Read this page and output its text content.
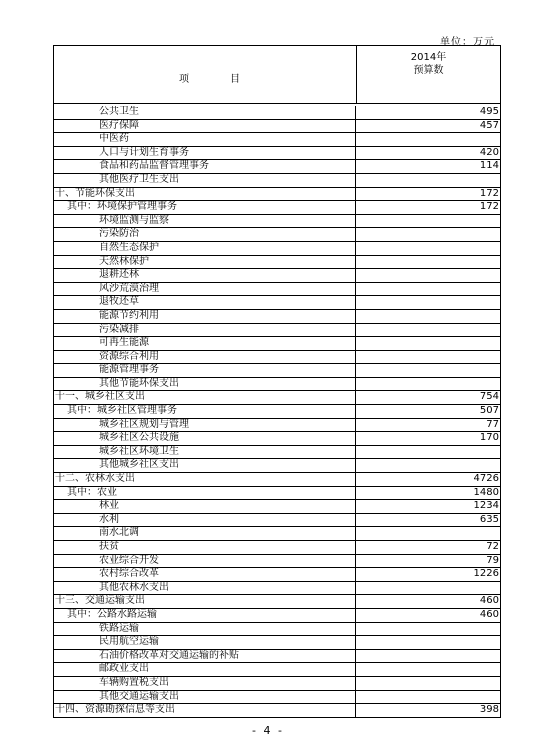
单位：万元
项	目
2014年
预算数
公共卫生	495
医疗保障	457
中医药
人口与计划生育事务	420
食品和药品监督管理事务	114
其他医疗卫生支出
十、节能环保支出	172
其中：环境保护管理事务	172
环境监测与监察
污染防治
自然生态保护
天然林保护
退耕还林
风沙荒漠治理
退牧还草
能源节约利用
污染减排
可再生能源
资源综合利用
能源管理事务
其他节能环保支出
十一、城乡社区支出	754
其中：城乡社区管理事务	507
城乡社区规划与管理	77
城乡社区公共设施	170
城乡社区环境卫生
其他城乡社区支出
十二、农林水支出	4726
其中：农业	1480
林业	1234
水利	635
南水北调
扶贫	72
农业综合开发	79
农村综合改革	1226
其他农林水支出
十三、交通运输支出	460
其中：公路水路运输	460
铁路运输
民用航空运输
石油价格改革对交通运输的补贴
邮政业支出
车辆购置税支出
其他交通运输支出
十四、资源勘探信息等支出	398
- 4 -
